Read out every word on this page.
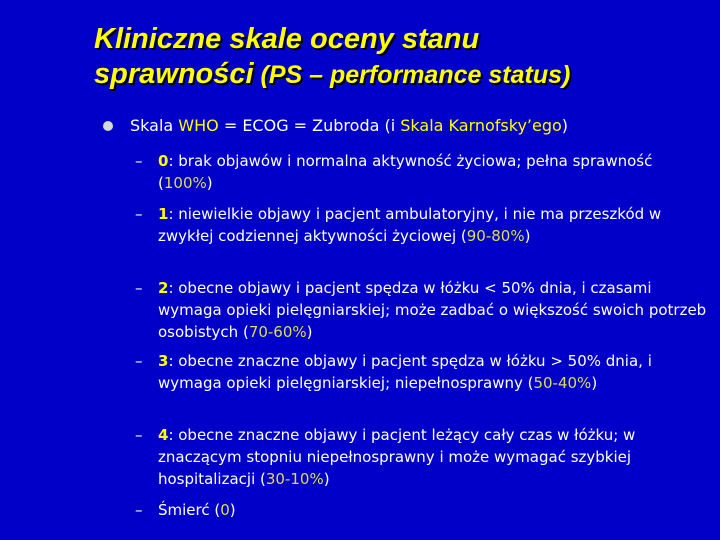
Kliniczne skale oceny stanu
sprawności (PS – performance status)
Skala WHO = ECOG = Zubroda (i Skala Karnofsky’ego)
– 0: brak objawów i normalna aktywność życiowa; pełna sprawność (100%)
– 1: niewielkie objawy i pacjent ambulatoryjny, i nie ma przeszkód w zwykłej codziennej aktywności życiowej (90-80%)
– 2: obecne objawy i pacjent spędza w łóżku < 50% dnia, i czasami wymaga opieki pielęgniarskiej; może zadbać o większość swoich potrzeb osobistych (70-60%)
– 3: obecne znaczne objawy i pacjent spędza w łóżku > 50% dnia, i wymaga opieki pielęgniarskiej; niepełnosprawny (50-40%)
– 4: obecne znaczne objawy i pacjent leżący cały czas w łóżku; w znaczącym stopniu niepełnosprawny i może wymagać szybkiej hospitalizacji (30-10%)
– Śmierć (0)
